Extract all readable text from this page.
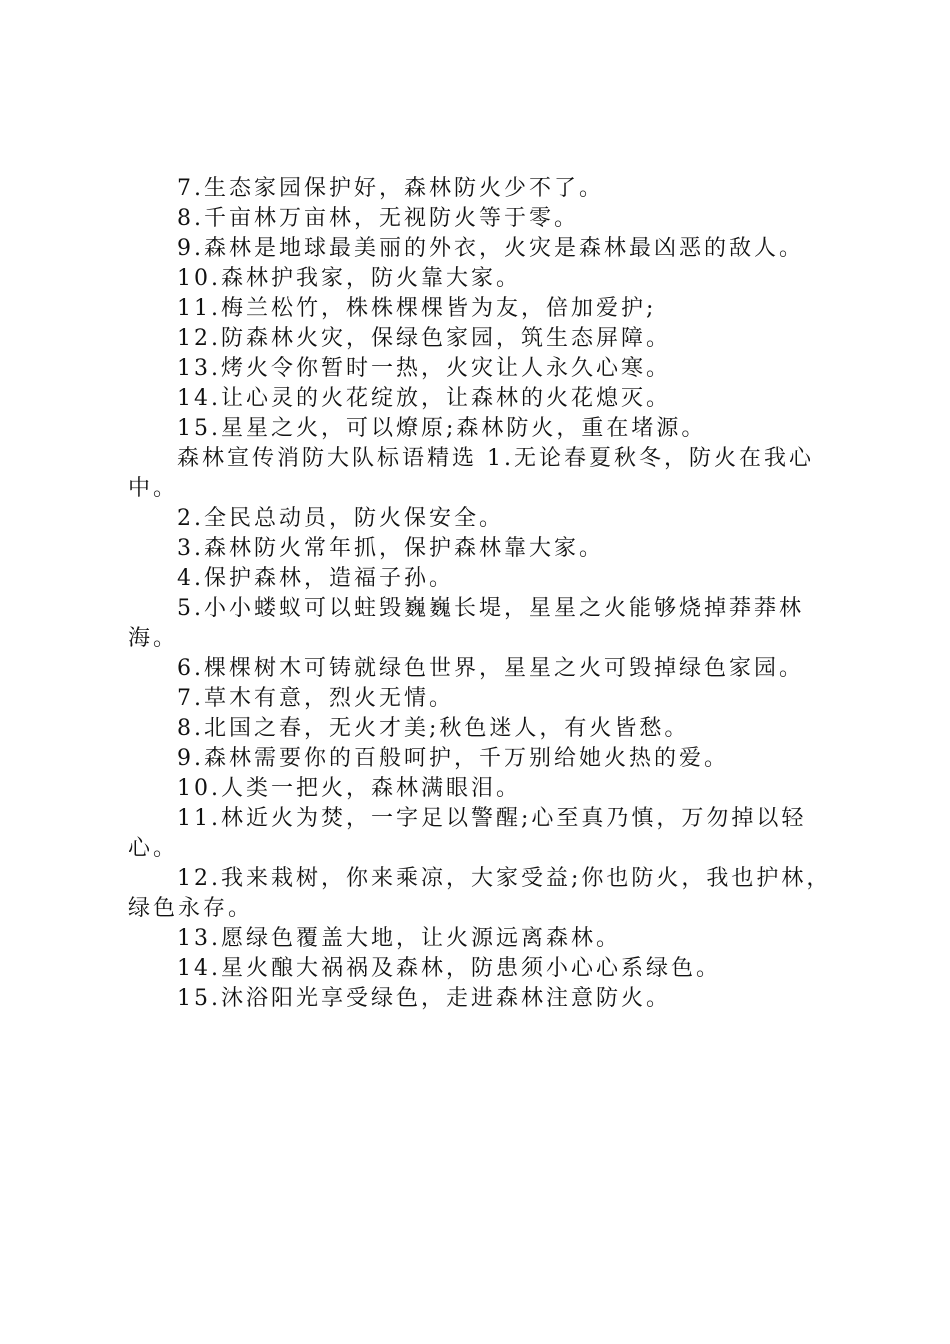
7.生态家园保护好，森林防火少不了。

8.千亩林万亩林，无视防火等于零。

9.森林是地球最美丽的外衣，火灾是森林最凶恶的敌人。

10.森林护我家，防火靠大家。

11.梅兰松竹，株株棵棵皆为友，倍加爱护;

12.防森林火灾，保绿色家园，筑生态屏障。

13.烤火令你暂时一热，火灾让人永久心寒。

14.让心灵的火花绽放，让森林的火花熄灭。

15.星星之火，可以燎原;森林防火，重在堵源。

森林宣传消防大队标语精选 1.无论春夏秋冬，防火在我心中。

2.全民总动员，防火保安全。

3.森林防火常年抓，保护森林靠大家。

4.保护森林，造福子孙。

5.小小蝼蚁可以蛀毁巍巍长堤，星星之火能够烧掉莽莽林海。

6.棵棵树木可铸就绿色世界，星星之火可毁掉绿色家园。

7.草木有意，烈火无情。

8.北国之春，无火才美;秋色迷人，有火皆愁。

9.森林需要你的百般呵护，千万别给她火热的爱。

10.人类一把火，森林满眼泪。

11.林近火为焚，一字足以警醒;心至真乃慎，万勿掉以轻心。

12.我来栽树，你来乘凉，大家受益;你也防火，我也护林，绿色永存。

13.愿绿色覆盖大地，让火源远离森林。

14.星火酿大祸祸及森林，防患须小心心系绿色。

15.沐浴阳光享受绿色，走进森林注意防火。
